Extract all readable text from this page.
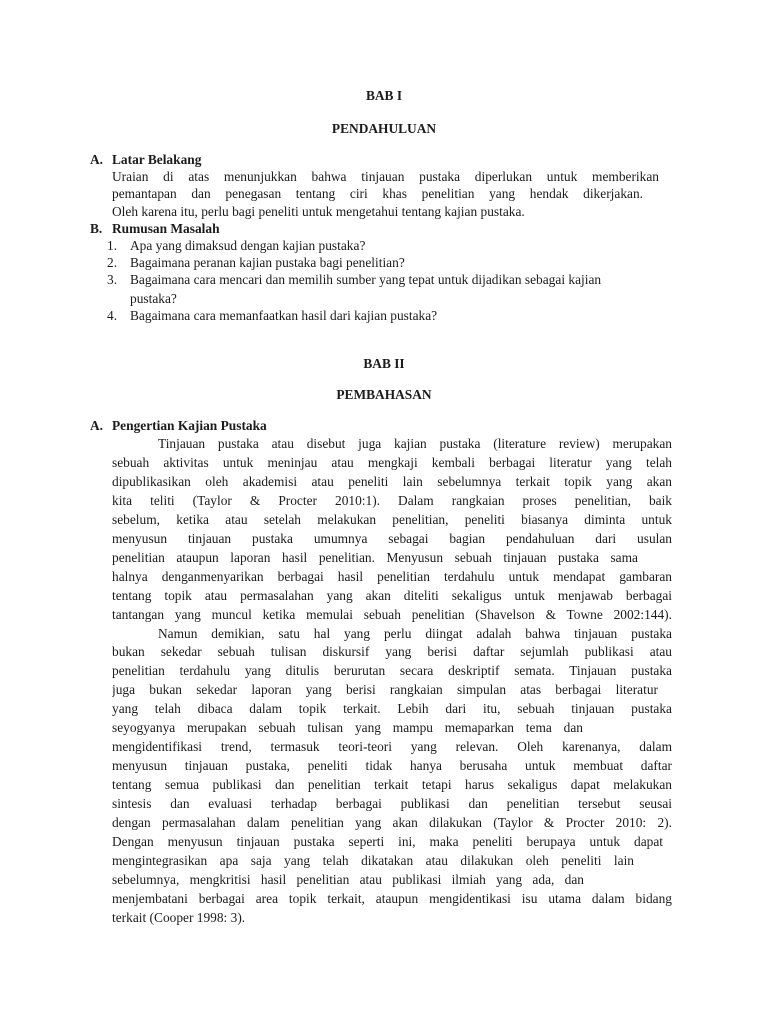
BAB I
PENDAHULUAN
A. Latar Belakang
Uraian di atas menunjukkan bahwa tinjauan pustaka diperlukan untuk memberikan
pemantapan dan penegasan tentang ciri khas penelitian yang hendak dikerjakan.
Oleh karena itu, perlu bagi peneliti untuk mengetahui tentang kajian pustaka.
B. Rumusan Masalah
1. Apa yang dimaksud dengan kajian pustaka?
2. Bagaimana peranan kajian pustaka bagi penelitian?
3. Bagaimana cara mencari dan memilih sumber yang tepat untuk dijadikan sebagai kajian
pustaka?
4. Bagaimana cara memanfaatkan hasil dari kajian pustaka?
BAB II
PEMBAHASAN
A. Pengertian Kajian Pustaka
Tinjauan pustaka atau disebut juga kajian pustaka (literature review) merupakan
sebuah aktivitas untuk meninjau atau mengkaji kembali berbagai literatur yang telah
dipublikasikan oleh akademisi atau peneliti lain sebelumnya terkait topik yang akan
kita teliti (Taylor & Procter 2010:1). Dalam rangkaian proses penelitian, baik
sebelum, ketika atau setelah melakukan penelitian, peneliti biasanya diminta untuk
menyusun tinjauan pustaka umumnya sebagai bagian pendahuluan dari usulan
penelitian ataupun laporan hasil penelitian. Menyusun sebuah tinjauan pustaka sama
halnya denganmenyarikan berbagai hasil penelitian terdahulu untuk mendapat gambaran
tentang topik atau permasalahan yang akan diteliti sekaligus untuk menjawab berbagai
tantangan yang muncul ketika memulai sebuah penelitian (Shavelson & Towne 2002:144).
Namun demikian, satu hal yang perlu diingat adalah bahwa tinjauan pustaka
bukan sekedar sebuah tulisan diskursif yang berisi daftar sejumlah publikasi atau
penelitian terdahulu yang ditulis berurutan secara deskriptif semata. Tinjauan pustaka
juga bukan sekedar laporan yang berisi rangkaian simpulan atas berbagai literatur
yang telah dibaca dalam topik terkait. Lebih dari itu, sebuah tinjauan pustaka
seyogyanya merupakan sebuah tulisan yang mampu memaparkan tema dan
mengidentifikasi trend, termasuk teori-teori yang relevan. Oleh karenanya, dalam
menyusun tinjauan pustaka, peneliti tidak hanya berusaha untuk membuat daftar
tentang semua publikasi dan penelitian terkait tetapi harus sekaligus dapat melakukan
sintesis dan evaluasi terhadap berbagai publikasi dan penelitian tersebut seusai
dengan permasalahan dalam penelitian yang akan dilakukan (Taylor & Procter 2010: 2).
Dengan menyusun tinjauan pustaka seperti ini, maka peneliti berupaya untuk dapat
mengintegrasikan apa saja yang telah dikatakan atau dilakukan oleh peneliti lain
sebelumnya, mengkritisi hasil penelitian atau publikasi ilmiah yang ada, dan
menjembatani berbagai area topik terkait, ataupun mengidentikasi isu utama dalam bidang
terkait (Cooper 1998: 3).
